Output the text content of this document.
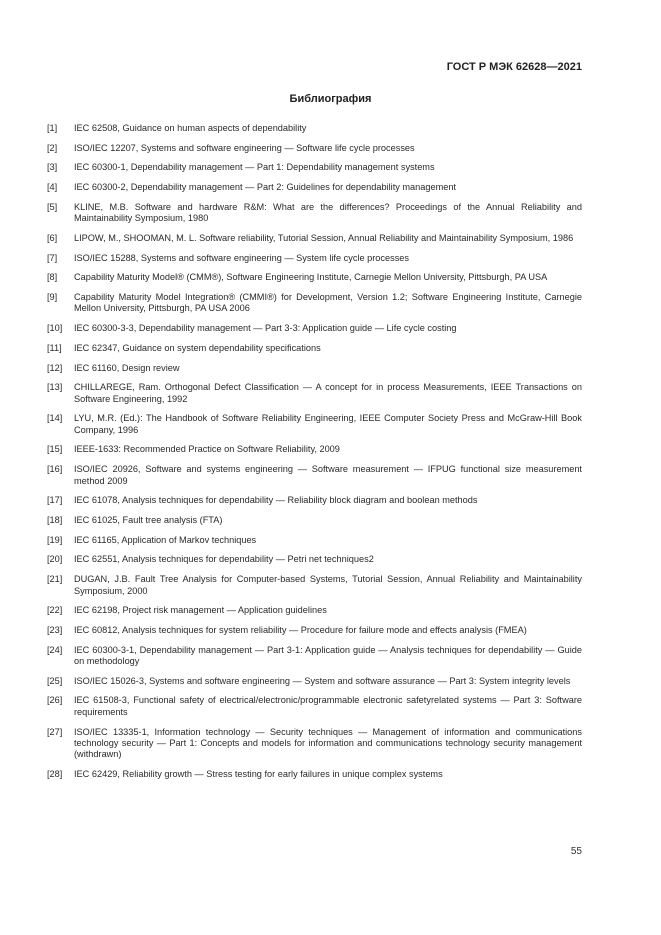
ГОСТ Р МЭК 62628—2021
Библиография
[1]	IEC 62508, Guidance on human aspects of dependability
[2]	ISO/IEC 12207, Systems and software engineering — Software life cycle processes
[3]	IEC 60300-1, Dependability management — Part 1: Dependability management systems
[4]	IEC 60300-2, Dependability management — Part 2: Guidelines for dependability management
[5]	KLINE, M.B. Software and hardware R&M: What are the differences? Proceedings of the Annual Reliability and Maintainability Symposium, 1980
[6]	LIPOW, M., SHOOMAN, M. L. Software reliability, Tutorial Session, Annual Reliability and Maintainability Symposium, 1986
[7]	ISO/IEC 15288, Systems and software engineering — System life cycle processes
[8]	Capability Maturity Model® (CMM®), Software Engineering Institute, Carnegie Mellon University, Pittsburgh, PA USA
[9]	Capability Maturity Model Integration® (CMMI®) for Development, Version 1.2; Software Engineering Institute, Carnegie Mellon University, Pittsburgh, PA USA 2006
[10]	IEC 60300-3-3, Dependability management — Part 3-3: Application guide — Life cycle costing
[11]	IEC 62347, Guidance on system dependability specifications
[12]	IEC 61160, Design review
[13]	CHILLAREGE, Ram. Orthogonal Defect Classification — A concept for in process Measurements, IEEE Transactions on Software Engineering, 1992
[14]	LYU, M.R. (Ed.): The Handbook of Software Reliability Engineering, IEEE Computer Society Press and McGraw-Hill Book Company, 1996
[15]	IEEE-1633: Recommended Practice on Software Reliability, 2009
[16]	ISO/IEC 20926, Software and systems engineering — Software measurement — IFPUG functional size measurement method 2009
[17]	IEC 61078, Analysis techniques for dependability — Reliability block diagram and boolean methods
[18]	IEC 61025, Fault tree analysis (FTA)
[19]	IEC 61165, Application of Markov techniques
[20]	IEC 62551, Analysis techniques for dependability — Petri net techniques2
[21]	DUGAN, J.B. Fault Tree Analysis for Computer-based Systems, Tutorial Session, Annual Reliability and Maintainability Symposium, 2000
[22]	IEC 62198, Project risk management — Application guidelines
[23]	IEC 60812, Analysis techniques for system reliability — Procedure for failure mode and effects analysis (FMEA)
[24]	IEC 60300-3-1, Dependability management — Part 3-1: Application guide — Analysis techniques for dependability — Guide on methodology
[25]	ISO/IEC 15026-3, Systems and software engineering — System and software assurance — Part 3: System integrity levels
[26]	IEC 61508-3, Functional safety of electrical/electronic/programmable electronic safetyrelated systems — Part 3: Software requirements
[27]	ISO/IEC 13335-1, Information technology — Security techniques — Management of information and communications technology security — Part 1: Concepts and models for information and communications technology security management (withdrawn)
[28]	IEC 62429, Reliability growth — Stress testing for early failures in unique complex systems
55
